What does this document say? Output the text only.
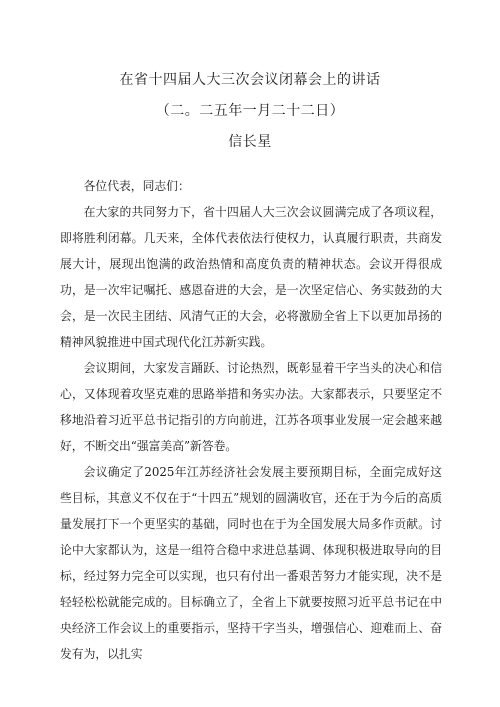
在省十四届人大三次会议闭幕会上的讲话
（二。二五年一月二十二日）
信长星

各位代表，同志们：

在大家的共同努力下，省十四届人大三次会议圆满完成了各项议程，即将胜利闭幕。几天来，全体代表依法行使权力，认真履行职责，共商发展大计，展现出饱满的政治热情和高度负责的精神状态。会议开得很成功，是一次牢记嘱托、感恩奋进的大会，是一次坚定信心、务实鼓劲的大会，是一次民主团结、风清气正的大会，必将激励全省上下以更加昂扬的精神风貌推进中国式现代化江苏新实践。

会议期间，大家发言踊跃、讨论热烈，既彰显着干字当头的决心和信心，又体现着攻坚克难的思路举措和务实办法。大家都表示，只要坚定不移地沿着习近平总书记指引的方向前进，江苏各项事业发展一定会越来越好，不断交出“强富美高”新答卷。

会议确定了2025年江苏经济社会发展主要预期目标，全面完成好这些目标，其意义不仅在于“十四五”规划的圆满收官，还在于为今后的高质量发展打下一个更坚实的基础，同时也在于为全国发展大局多作贡献。讨论中大家都认为，这是一组符合稳中求进总基调、体现积极进取导向的目标，经过努力完全可以实现，也只有付出一番艰苦努力才能实现，决不是轻轻松松就能完成的。目标确立了，全省上下就要按照习近平总书记在中央经济工作会议上的重要指示，坚持干字当头，增强信心、迎难而上、奋发有为，以扎实
